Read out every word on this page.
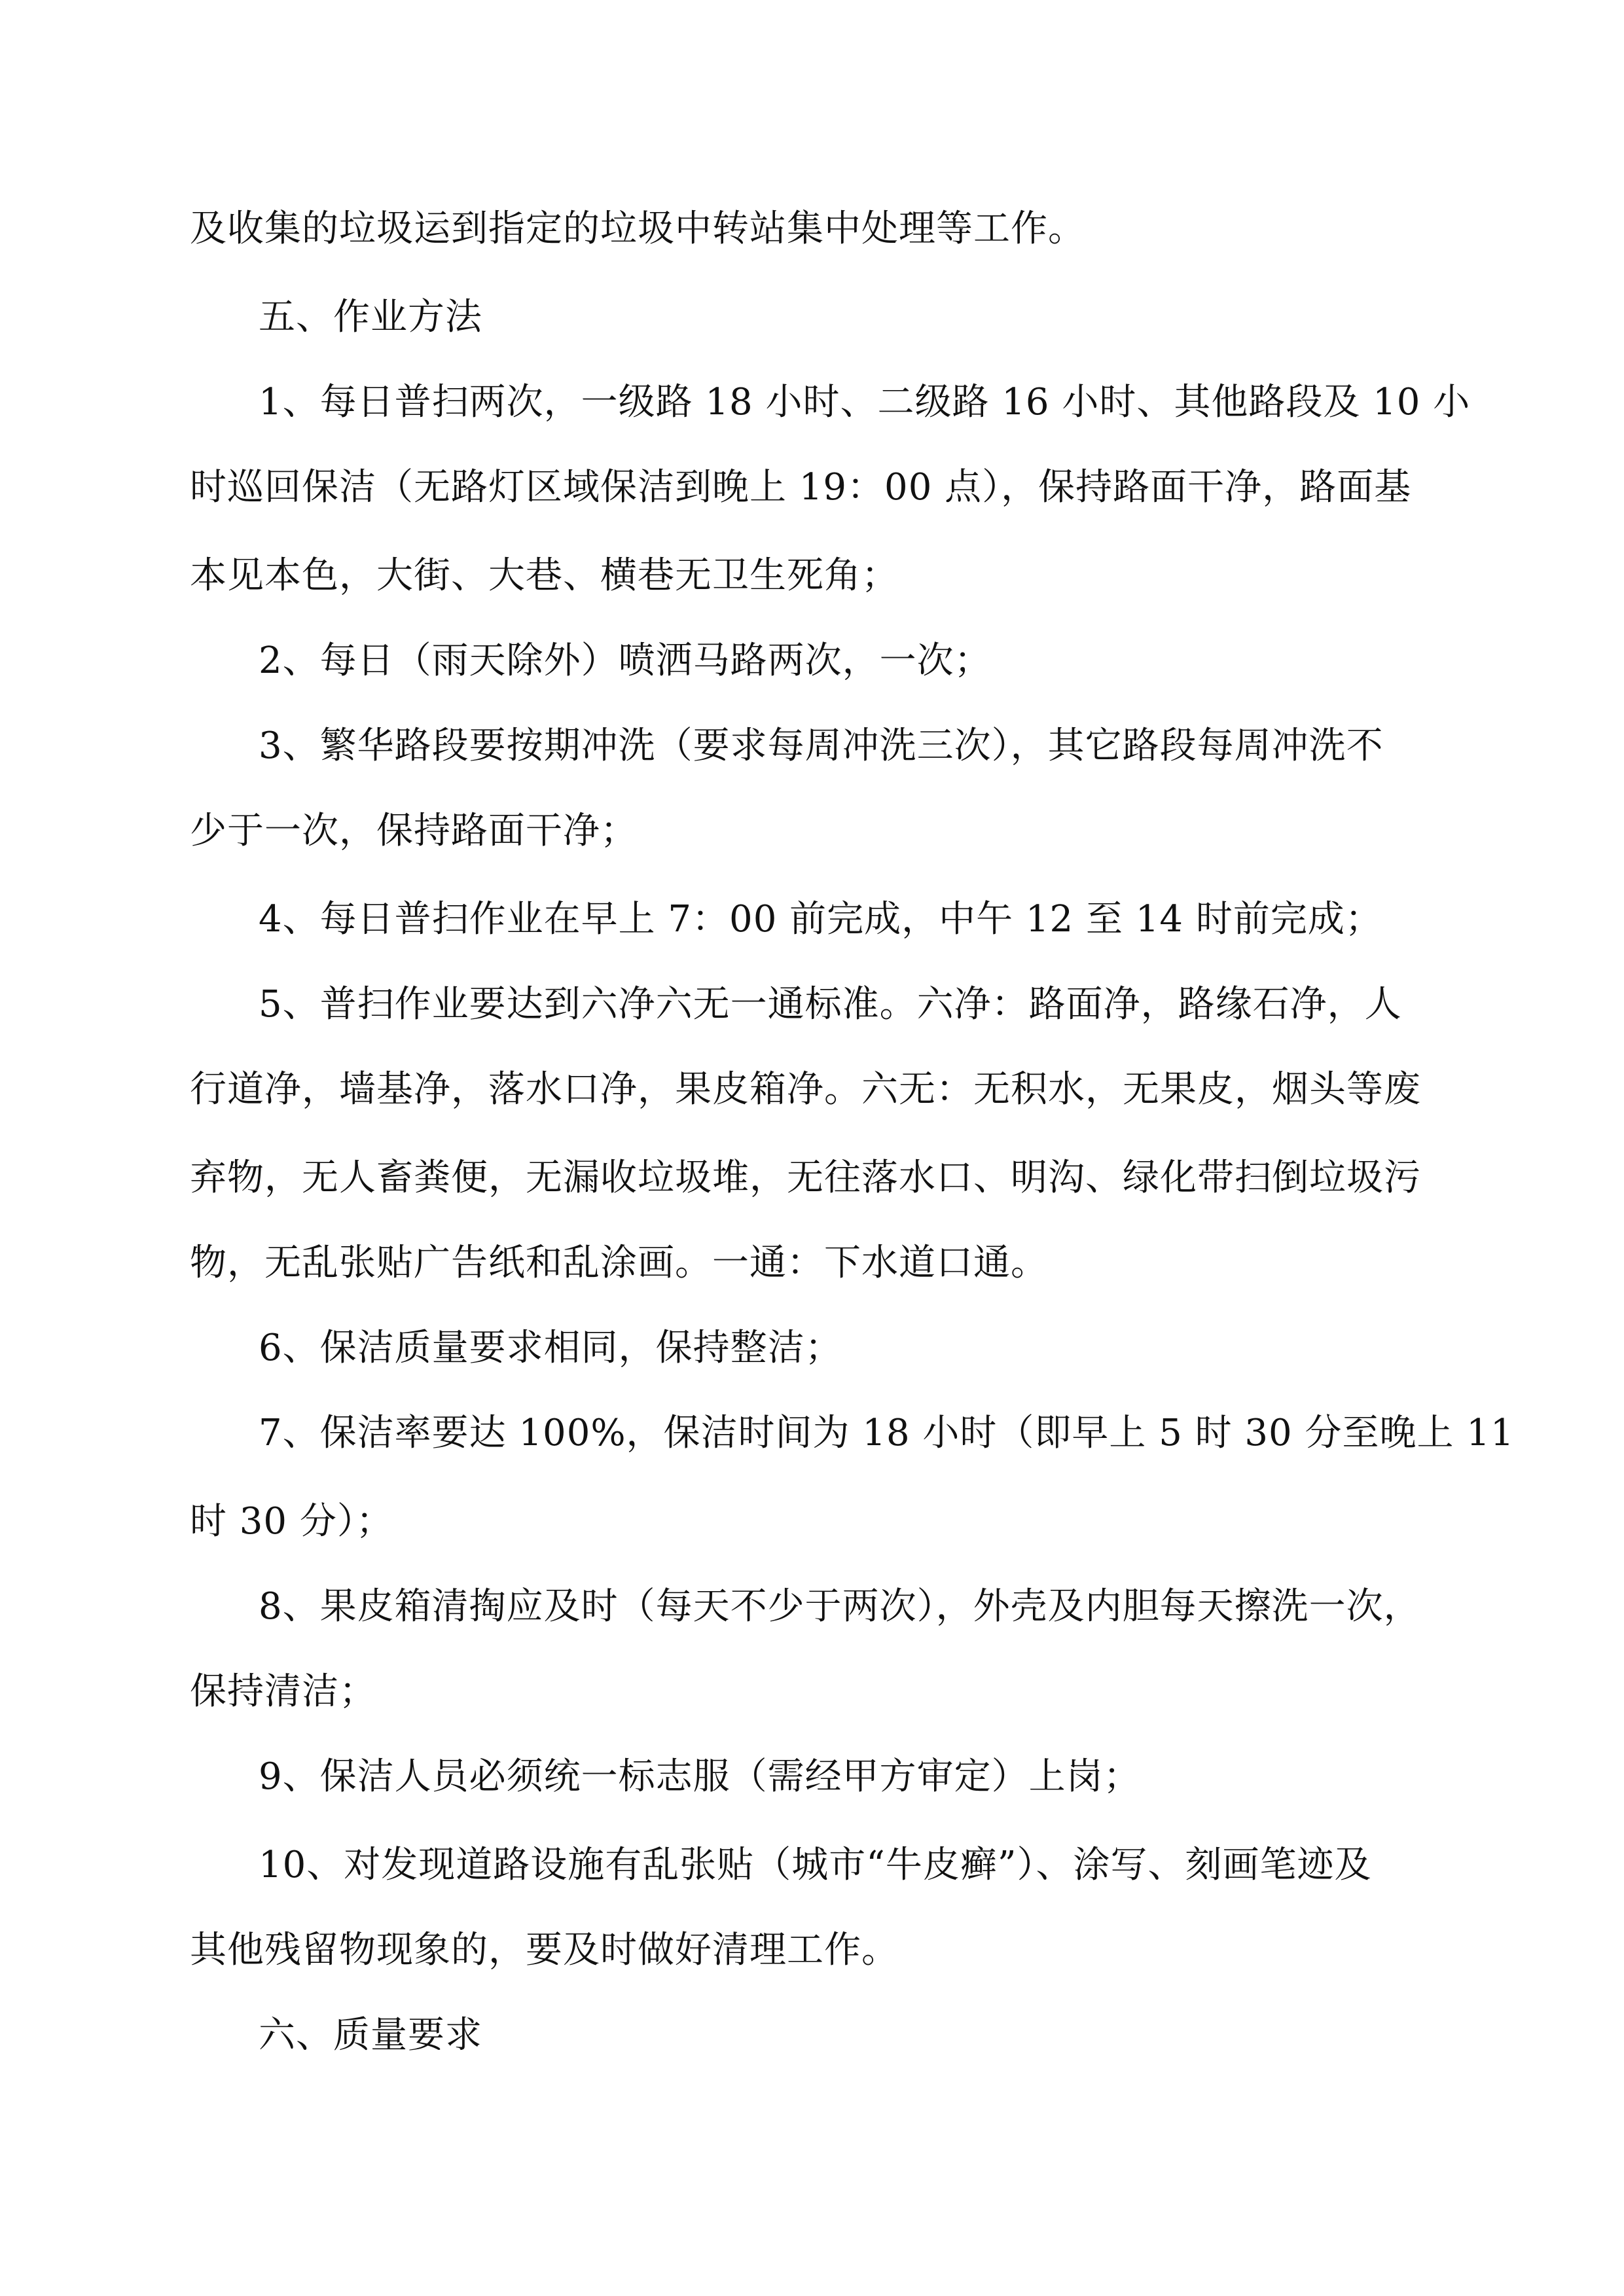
及收集的垃圾运到指定的垃圾中转站集中处理等工作。
五、作业方法
1、每日普扫两次，一级路 18 小时、二级路 16 小时、其他路段及 10 小
时巡回保洁（无路灯区域保洁到晚上 19：00 点），保持路面干净，路面基
本见本色，大街、大巷、横巷无卫生死角；
2、每日（雨天除外）喷洒马路两次，一次；
3、繁华路段要按期冲洗（要求每周冲洗三次），其它路段每周冲洗不
少于一次，保持路面干净；
4、每日普扫作业在早上 7：00 前完成，中午 12 至 14 时前完成；
5、普扫作业要达到六净六无一通标准。六净：路面净，路缘石净，人
行道净，墙基净，落水口净，果皮箱净。六无：无积水，无果皮，烟头等废
弃物，无人畜粪便，无漏收垃圾堆，无往落水口、明沟、绿化带扫倒垃圾污
物，无乱张贴广告纸和乱涂画。一通：下水道口通。
6、保洁质量要求相同，保持整洁；
7、保洁率要达 100%，保洁时间为 18 小时（即早上 5 时 30 分至晚上 11
时 30 分）；
8、果皮箱清掏应及时（每天不少于两次），外壳及内胆每天擦洗一次，
保持清洁；
9、保洁人员必须统一标志服（需经甲方审定）上岗；
10、对发现道路设施有乱张贴（城市“牛皮癣”）、涂写、刻画笔迹及
其他残留物现象的，要及时做好清理工作。
六、质量要求
